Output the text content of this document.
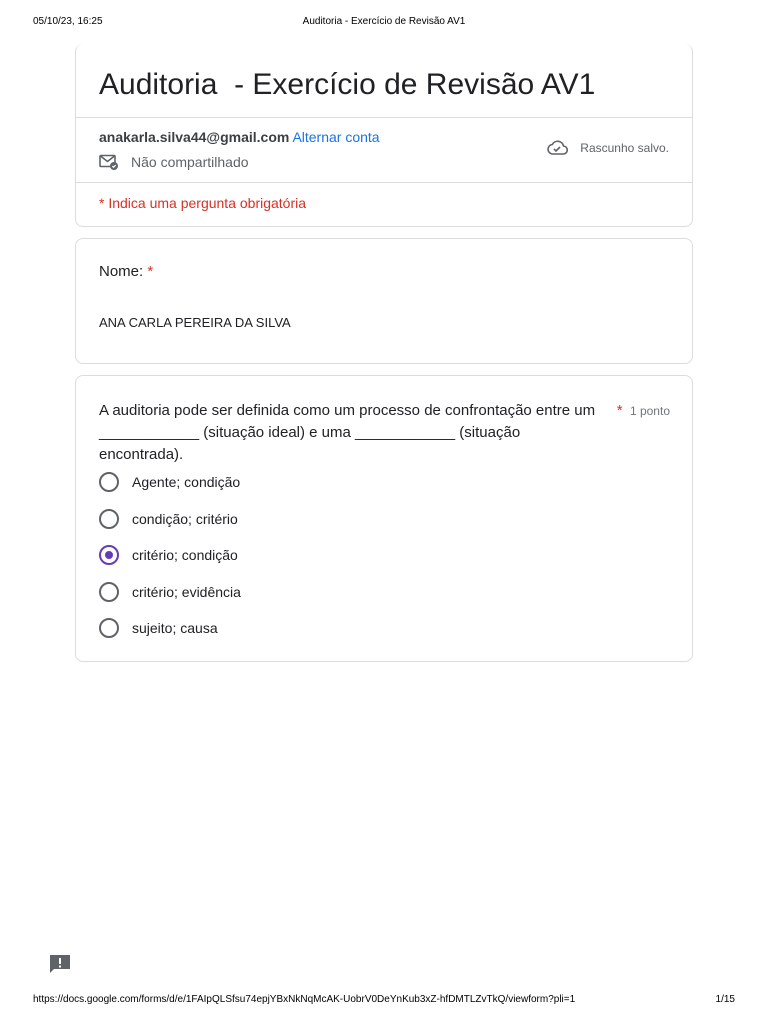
05/10/23, 16:25	Auditoria - Exercício de Revisão AV1
Auditoria  - Exercício de Revisão AV1
anakarla.silva44@gmail.com Alternar conta
Não compartilhado
Rascunho salvo.
* Indica uma pergunta obrigatória
Nome: *
ANA CARLA PEREIRA DA SILVA
A auditoria pode ser definida como um processo de confrontação entre um ____________ (situação ideal) e uma ____________ (situação encontrada).
* 1 ponto
Agente; condição
condição; critério
critério; condição
critério; evidência
sujeito; causa
https://docs.google.com/forms/d/e/1FAIpQLSfsu74epjYBxNkNqMcAK-UobrV0DeYnKub3xZ-hfDMTLZvTkQ/viewform?pli=1	1/15
